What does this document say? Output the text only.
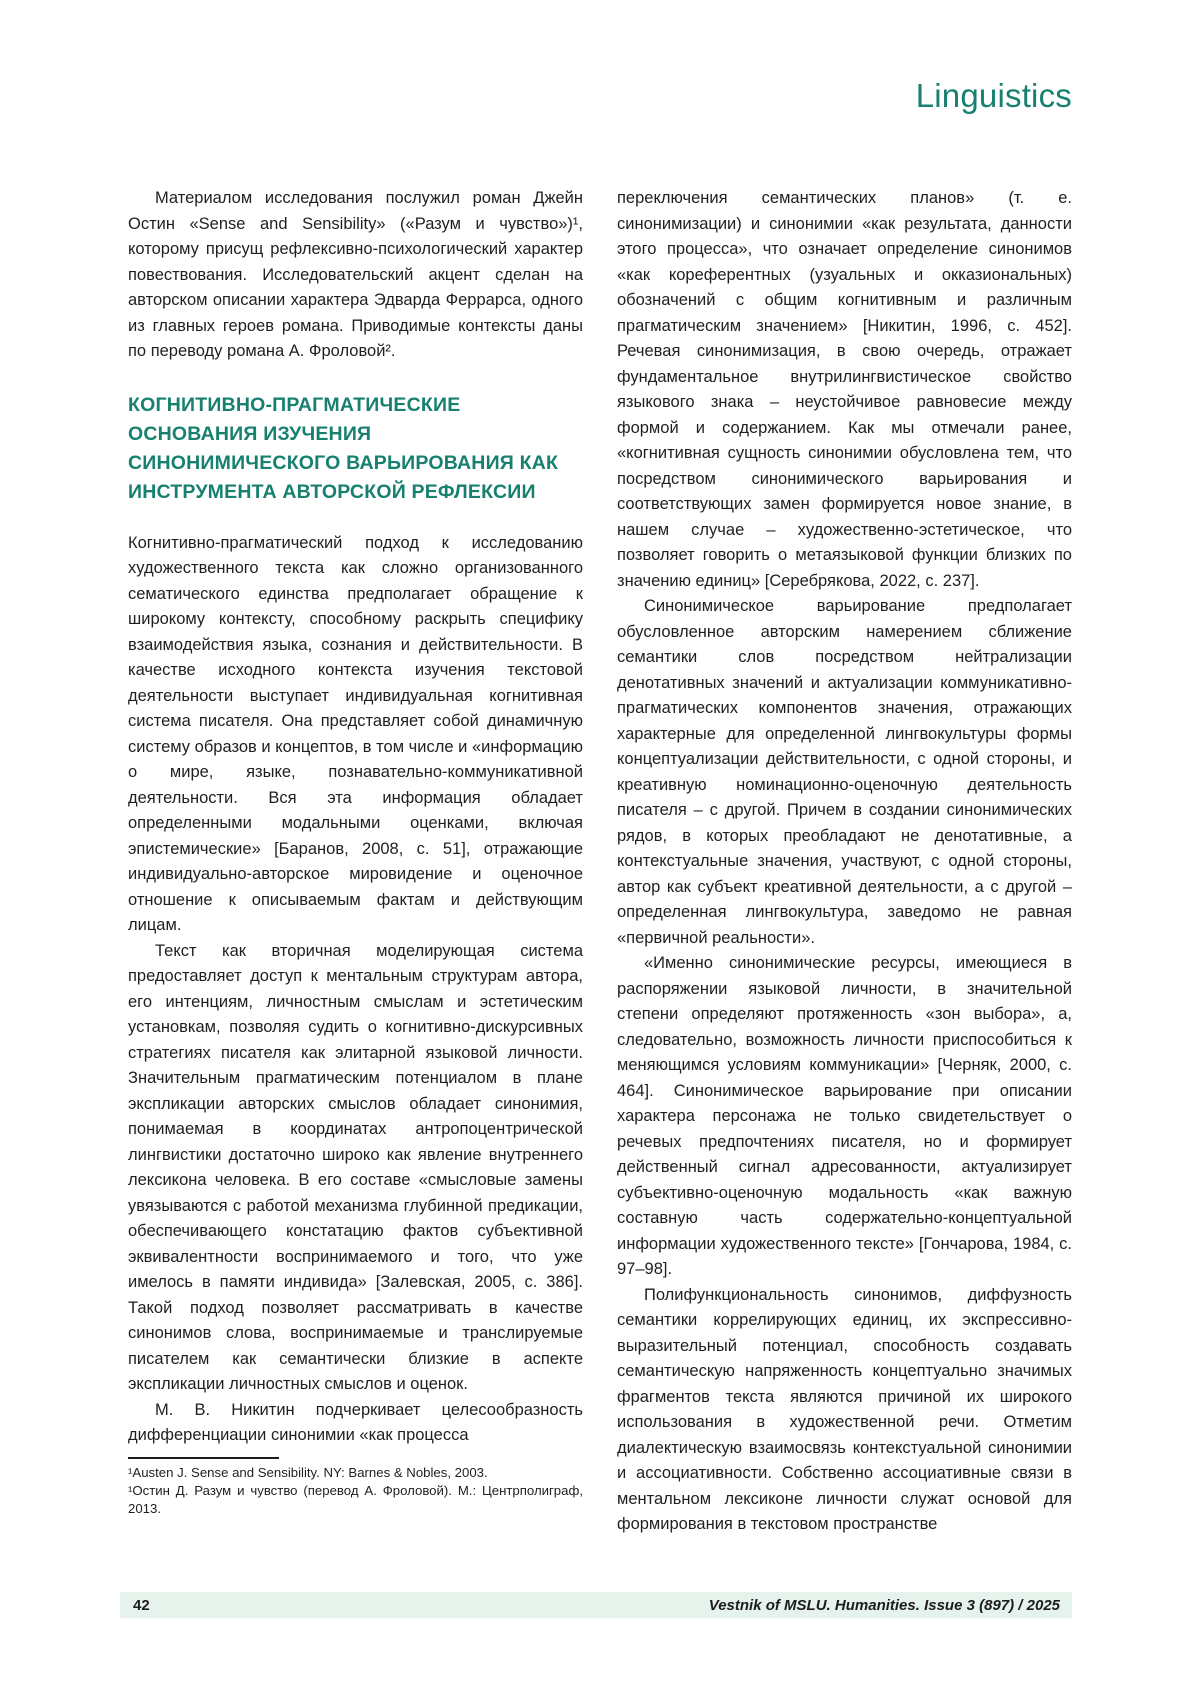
Linguistics

Материалом исследования послужил роман Джейн Остин «Sense and Sensibility» («Разум и чувство»)¹, которому присущ рефлексивно-психологический характер повествования. Исследовательский акцент сделан на авторском описании характера Эдварда Феррарса, одного из главных героев романа. Приводимые контексты даны по переводу романа А. Фроловой².

КОГНИТИВНО-ПРАГМАТИЧЕСКИЕ
ОСНОВАНИЯ ИЗУЧЕНИЯ
СИНОНИМИЧЕСКОГО ВАРЬИРОВАНИЯ КАК
ИНСТРУМЕНТА АВТОРСКОЙ РЕФЛЕКСИИ

Когнитивно-прагматический подход к исследованию художественного текста как сложно организованного сематического единства предполагает обращение к широкому контексту, способному раскрыть специфику взаимодействия языка, сознания и действительности. В качестве исходного контекста изучения текстовой деятельности выступает индивидуальная когнитивная система писателя. Она представляет собой динамичную систему образов и концептов, в том числе и «информацию о мире, языке, познавательно-коммуникативной деятельности. Вся эта информация обладает определенными модальными оценками, включая эпистемические» [Баранов, 2008, с. 51], отражающие индивидуально-авторское мировидение и оценочное отношение к описываемым фактам и действующим лицам.

Текст как вторичная моделирующая система предоставляет доступ к ментальным структурам автора, его интенциям, личностным смыслам и эстетическим установкам, позволяя судить о когнитивно-дискурсивных стратегиях писателя как элитарной языковой личности. Значительным прагматическим потенциалом в плане экспликации авторских смыслов обладает синонимия, понимаемая в координатах антропоцентрической лингвистики достаточно широко как явление внутреннего лексикона человека. В его составе «смысловые замены увязываются с работой механизма глубинной предикации, обеспечивающего констатацию фактов субъективной эквивалентности воспринимаемого и того, что уже имелось в памяти индивида» [Залевская, 2005, с. 386]. Такой подход позволяет рассматривать в качестве синонимов слова, воспринимаемые и транслируемые писателем как семантически близкие в аспекте экспликации личностных смыслов и оценок.

М. В. Никитин подчеркивает целесообразность дифференциации синонимии «как процесса

¹Austen J. Sense and Sensibility. NY: Barnes & Nobles, 2003.

¹Остин Д. Разум и чувство (перевод А. Фроловой). М.: Центрполиграф, 2013.

переключения семантических планов» (т. е. синонимизации) и синонимии «как результата, данности этого процесса», что означает определение синонимов «как кореферентных (узуальных и окказиональных) обозначений с общим когнитивным и различным прагматическим значением» [Никитин, 1996, с. 452]. Речевая синонимизация, в свою очередь, отражает фундаментальное внутрилингвистическое свойство языкового знака – неустойчивое равновесие между формой и содержанием. Как мы отмечали ранее, «когнитивная сущность синонимии обусловлена тем, что посредством синонимического варьирования и соответствующих замен формируется новое знание, в нашем случае – художественно-эстетическое, что позволяет говорить о метаязыковой функции близких по значению единиц» [Серебрякова, 2022, с. 237].

Синонимическое варьирование предполагает обусловленное авторским намерением сближение семантики слов посредством нейтрализации денотативных значений и актуализации коммуникативно-прагматических компонентов значения, отражающих характерные для определенной лингвокультуры формы концептуализации действительности, с одной стороны, и креативную номинационно-оценочную деятельность писателя – с другой. Причем в создании синонимических рядов, в которых преобладают не денотативные, а контекстуальные значения, участвуют, с одной стороны, автор как субъект креативной деятельности, а с другой – определенная лингвокультура, заведомо не равная «первичной реальности».

«Именно синонимические ресурсы, имеющиеся в распоряжении языковой личности, в значительной степени определяют протяженность «зон выбора», а, следовательно, возможность личности приспособиться к меняющимся условиям коммуникации» [Черняк, 2000, с. 464]. Синонимическое варьирование при описании характера персонажа не только свидетельствует о речевых предпочтениях писателя, но и формирует действенный сигнал адресованности, актуализирует субъективно-оценочную модальность «как важную составную часть содержательно-концептуальной информации художественного тексте» [Гончарова, 1984, с. 97–98].

Полифункциональность синонимов, диффузность семантики коррелирующих единиц, их экспрессивно-выразительный потенциал, способность создавать семантическую напряженность концептуально значимых фрагментов текста являются причиной их широкого использования в художественной речи. Отметим диалектическую взаимосвязь контекстуальной синонимии и ассоциативности. Собственно ассоциативные связи в ментальном лексиконе личности служат основой для формирования в текстовом пространстве

42	Vestnik of MSLU. Humanities. Issue 3 (897) / 2025
